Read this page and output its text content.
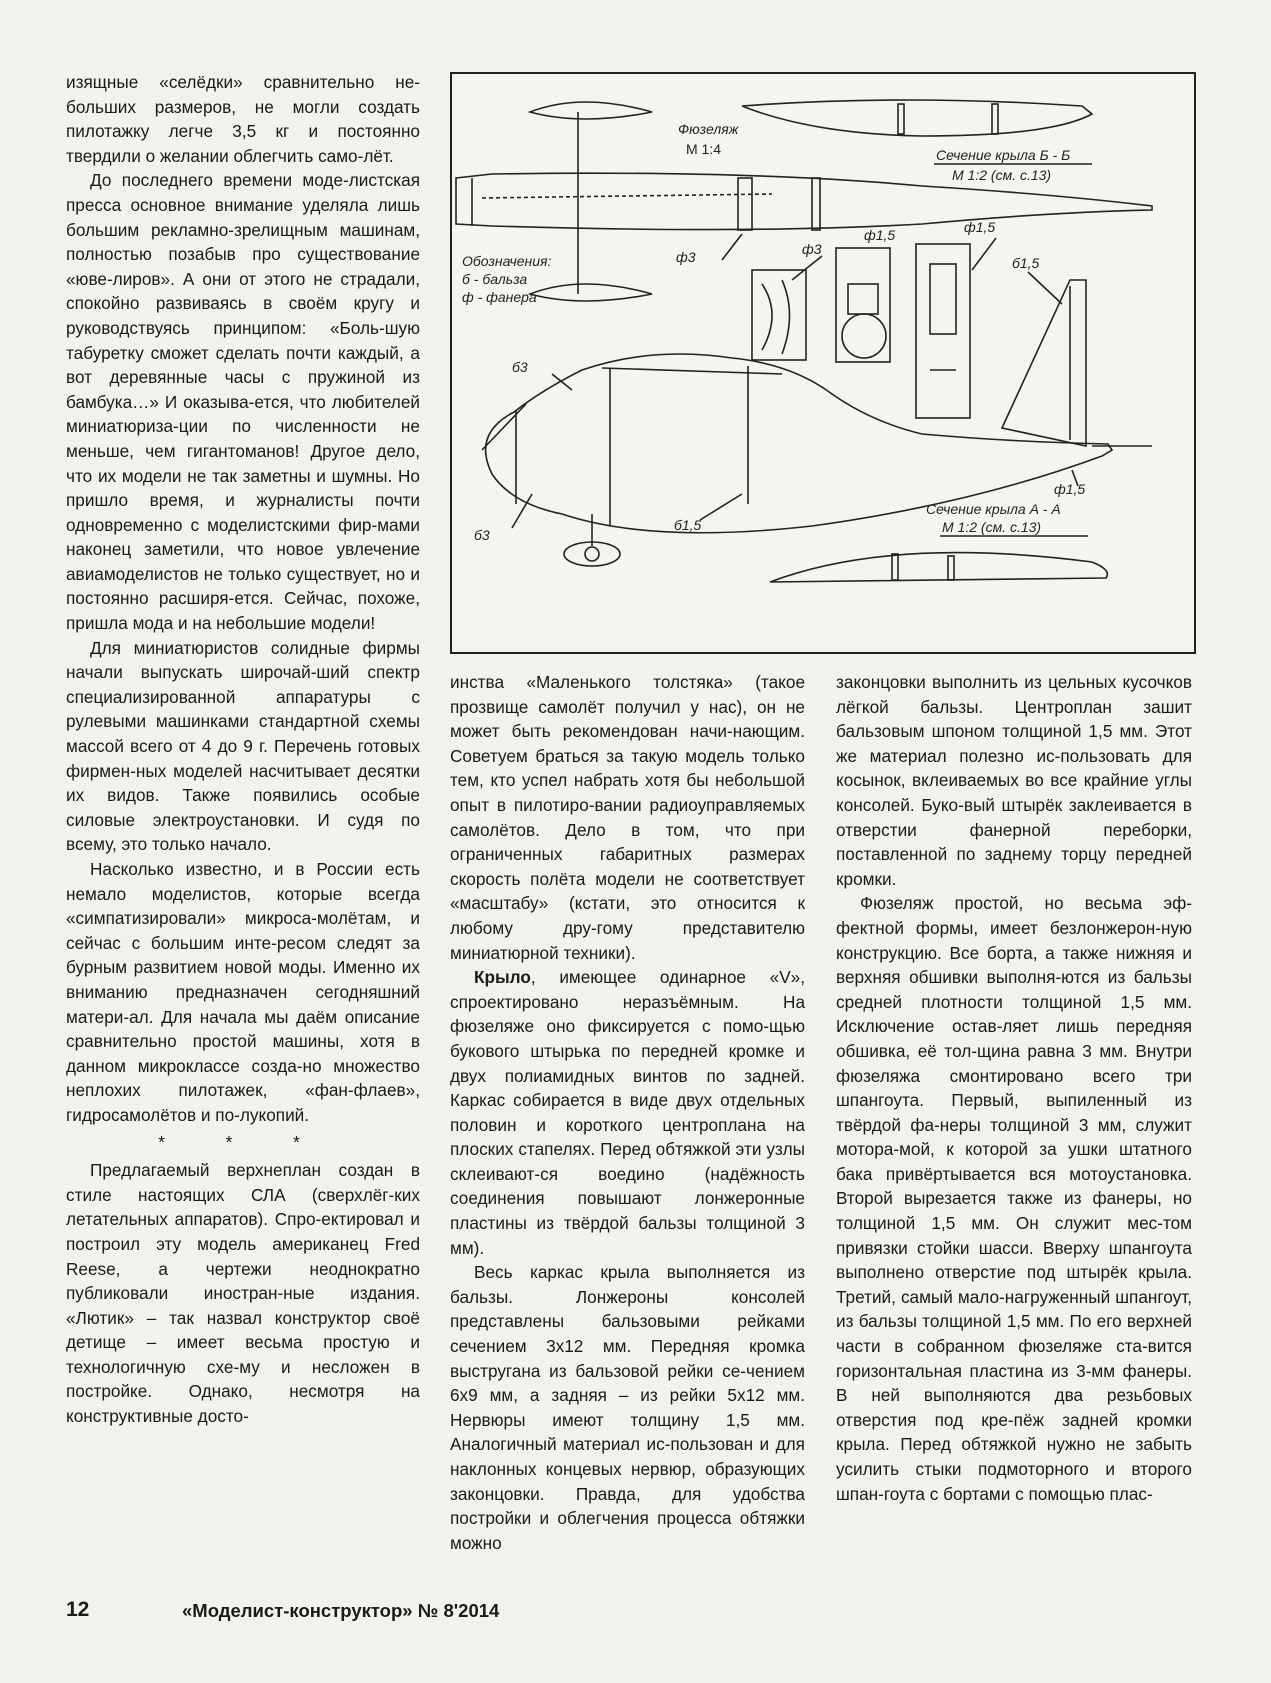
изящные «селёдки» сравнительно не-больших размеров, не могли создать пилотажку легче 3,5 кг и постоянно твердили о желании облегчить само-лёт.

До последнего времени моде-листская пресса основное внимание уделяла лишь большим рекламно-зрелищным машинам, полностью позабыв про существование «юве-лиров». А они от этого не страдали, спокойно развиваясь в своём кругу и руководствуясь принципом: «Боль-шую табуретку сможет сделать почти каждый, а вот деревянные часы с пружиной из бамбука…» И оказыва-ется, что любителей миниатюриза-ции по численности не меньше, чем гигантоманов! Другое дело, что их модели не так заметны и шумны. Но пришло время, и журналисты почти одновременно с моделистскими фир-мами наконец заметили, что новое увлечение авиамоделистов не только существует, но и постоянно расширя-ется. Сейчас, похоже, пришла мода и на небольшие модели!

Для миниатюристов солидные фирмы начали выпускать широчай-ший спектр специализированной аппаратуры с рулевыми машинками стандартной схемы массой всего от 4 до 9 г. Перечень готовых фирмен-ных моделей насчитывает десятки их видов. Также появились особые силовые электроустановки. И судя по всему, это только начало.

Насколько известно, и в России есть немало моделистов, которые всегда «симпатизировали» микроса-молётам, и сейчас с большим инте-ресом следят за бурным развитием новой моды. Именно их вниманию предназначен сегодняшний матери-ал. Для начала мы даём описание сравнительно простой машины, хотя в данном микроклассе созда-но множество неплохих пилотажек, «фан-флаев», гидросамолётов и по-лукопий.

* * *

Предлагаемый верхнеплан создан в стиле настоящих СЛА (сверхлёг-ких летательных аппаратов). Спро-ектировал и построил эту модель американец Fred Reese, а чертежи неоднократно публиковали иностран-ные издания. «Лютик» – так назвал конструктор своё детище – имеет весьма простую и технологичную схе-му и несложен в постройке. Однако, несмотря на конструктивные досто-

Фюзеляж
М 1:4	Сечение крыла Б - Б
М 1:2 (см. с.13)
Обозначения:
б - бальза
ф - фанера
ф3	ф3
ф1,5	ф1,5
б1,5
б3
б3
б1,5
ф1,5
Сечение крыла А - А
М 1:2 (см. с.13)

инства «Маленького толстяка» (такое прозвище самолёт получил у нас), он не может быть рекомендован начи-нающим. Советуем браться за такую модель только тем, кто успел набрать хотя бы небольшой опыт в пилотиро-вании радиоуправляемых самолётов. Дело в том, что при ограниченных габаритных размерах скорость полёта модели не соответствует «масштабу» (кстати, это относится к любому дру-гому представителю миниатюрной техники).

Крыло, имеющее одинарное «V», спроектировано неразъёмным. На фюзеляже оно фиксируется с помо-щью букового штырька по передней кромке и двух полиамидных винтов по задней. Каркас собирается в виде двух отдельных половин и короткого центроплана на плоских стапелях. Перед обтяжкой эти узлы склеивают-ся воедино (надёжность соединения повышают лонжеронные пластины из твёрдой бальзы толщиной 3 мм).

Весь каркас крыла выполняется из бальзы. Лонжероны консолей представлены бальзовыми рейками сечением 3х12 мм. Передняя кромка выстругана из бальзовой рейки се-чением 6х9 мм, а задняя – из рейки 5х12 мм. Нервюры имеют толщину 1,5 мм. Аналогичный материал ис-пользован и для наклонных концевых нервюр, образующих законцовки. Правда, для удобства постройки и облегчения процесса обтяжки можно

законцовки выполнить из цельных кусочков лёгкой бальзы. Центроплан зашит бальзовым шпоном толщиной 1,5 мм. Этот же материал полезно ис-пользовать для косынок, вклеиваемых во все крайние углы консолей. Буко-вый штырёк заклеивается в отверстии фанерной переборки, поставленной по заднему торцу передней кромки.

Фюзеляж простой, но весьма эф-фектной формы, имеет безлонжерон-ную конструкцию. Все борта, а также нижняя и верхняя обшивки выполня-ются из бальзы средней плотности толщиной 1,5 мм. Исключение остав-ляет лишь передняя обшивка, её тол-щина равна 3 мм. Внутри фюзеляжа смонтировано всего три шпангоута. Первый, выпиленный из твёрдой фа-неры толщиной 3 мм, служит моторa-мой, к которой за ушки штатного бака привёртывается вся мотоустановка. Второй вырезается также из фанеры, но толщиной 1,5 мм. Он служит мес-том привязки стойки шасси. Вверху шпангоута выполнено отверстие под штырёк крыла. Третий, самый мало-нагруженный шпангоут, из бальзы толщиной 1,5 мм. По его верхней части в собранном фюзеляже ста-вится горизонтальная пластина из 3-мм фанеры. В ней выполняются два резьбовых отверстия под кре-пёж задней кромки крыла. Перед обтяжкой нужно не забыть усилить стыки подмоторного и второго шпан-гоута с бортами с помощью плас-

12	«Моделист-конструктор» № 8'2014
